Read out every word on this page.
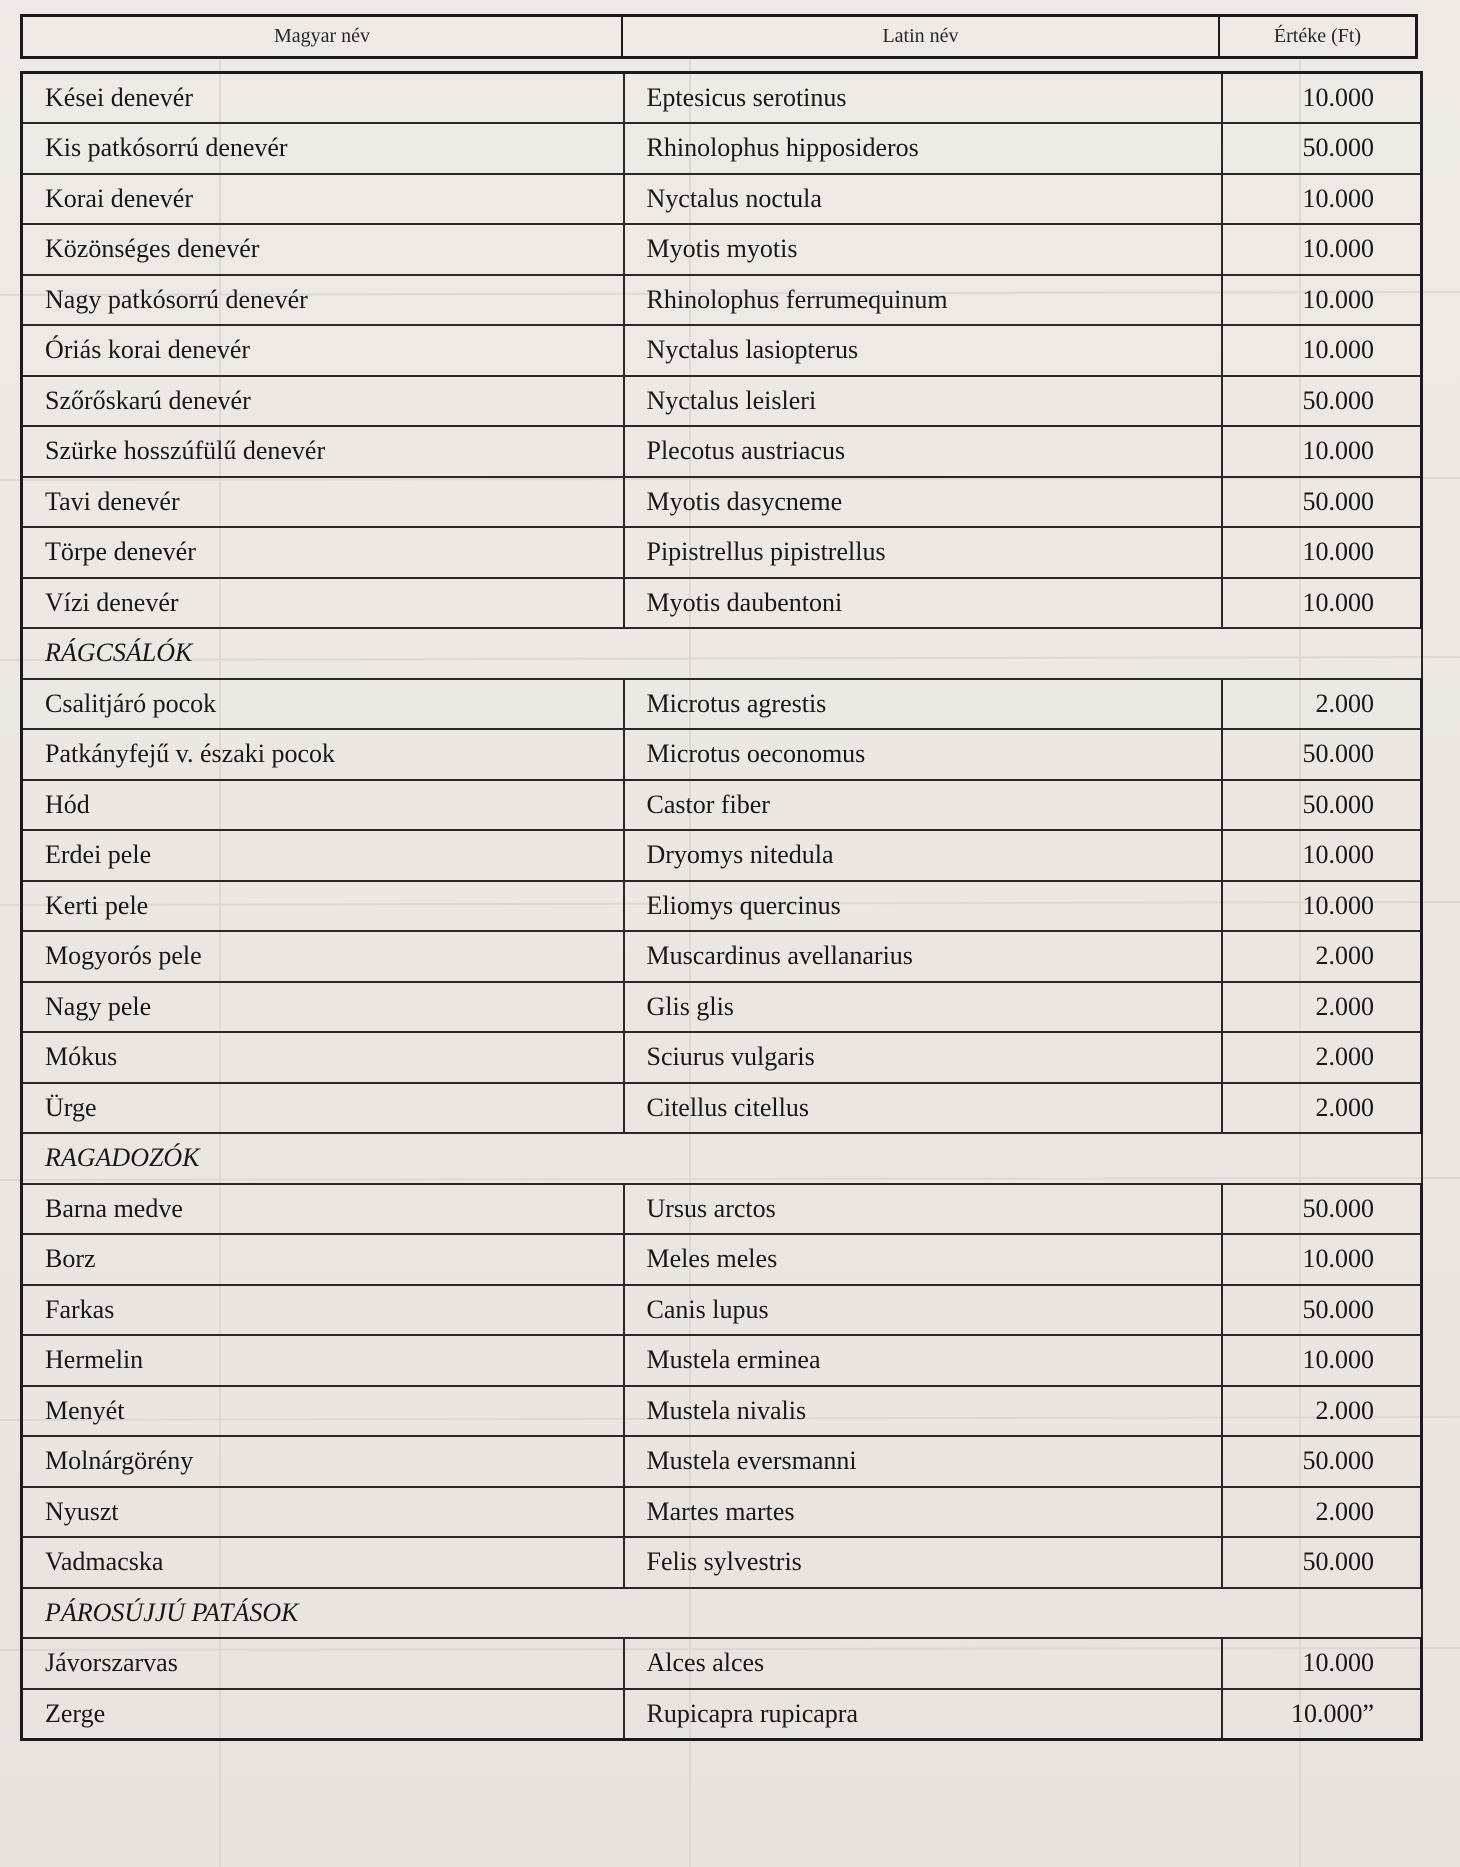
Magyar név	Latin név	Értéke (Ft)
Kései denevér	Eptesicus serotinus	10.000
Kis patkósorrú denevér	Rhinolophus hipposideros	50.000
Korai denevér	Nyctalus noctula	10.000
Közönséges denevér	Myotis myotis	10.000
Nagy patkósorrú denevér	Rhinolophus ferrumequinum	10.000
Óriás korai denevér	Nyctalus lasiopterus	10.000
Szőrőskarú denevér	Nyctalus leisleri	50.000
Szürke hosszúfülű denevér	Plecotus austriacus	10.000
Tavi denevér	Myotis dasycneme	50.000
Törpe denevér	Pipistrellus pipistrellus	10.000
Vízi denevér	Myotis daubentoni	10.000
RÁGCSÁLÓK		
Csalitjáró pocok	Microtus agrestis	2.000
Patkányfejű v. északi pocok	Microtus oeconomus	50.000
Hód	Castor fiber	50.000
Erdei pele	Dryomys nitedula	10.000
Kerti pele	Eliomys quercinus	10.000
Mogyorós pele	Muscardinus avellanarius	2.000
Nagy pele	Glis glis	2.000
Mókus	Sciurus vulgaris	2.000
Ürge	Citellus citellus	2.000
RAGADOZÓK		
Barna medve	Ursus arctos	50.000
Borz	Meles meles	10.000
Farkas	Canis lupus	50.000
Hermelin	Mustela erminea	10.000
Menyét	Mustela nivalis	2.000
Molnárgörény	Mustela eversmanni	50.000
Nyuszt	Martes martes	2.000
Vadmacska	Felis sylvestris	50.000
PÁROSÚJJÚ PATÁSOK		
Jávorszarvas	Alces alces	10.000
Zerge	Rupicapra rupicapra	10.000”
